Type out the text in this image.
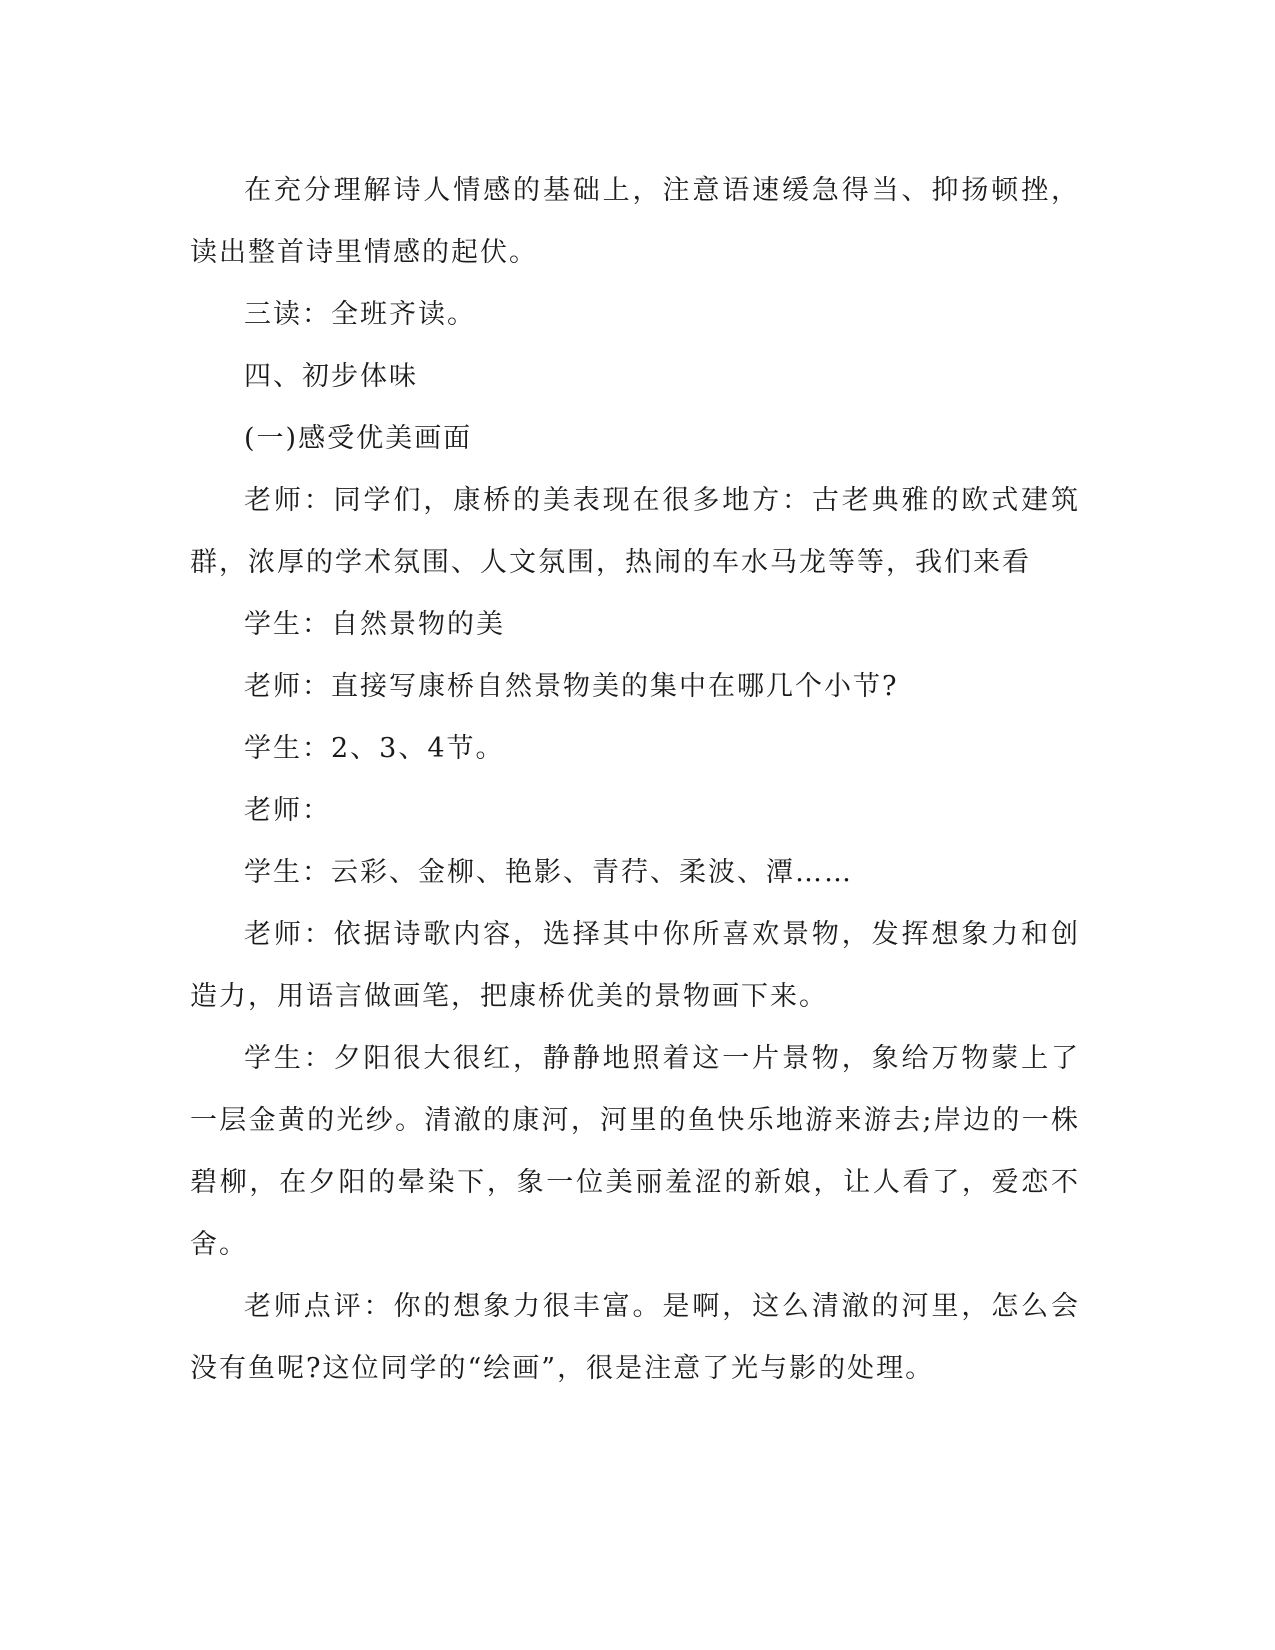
在充分理解诗人情感的基础上，注意语速缓急得当、抑扬顿挫，读出整首诗里情感的起伏。

三读：全班齐读。

四、初步体味

(一)感受优美画面

老师：同学们，康桥的美表现在很多地方：古老典雅的欧式建筑群，浓厚的学术氛围、人文氛围，热闹的车水马龙等等，我们来看

学生：自然景物的美

老师：直接写康桥自然景物美的集中在哪几个小节?

学生：2、3、4节。

老师：

学生：云彩、金柳、艳影、青荇、柔波、潭……

老师：依据诗歌内容，选择其中你所喜欢景物，发挥想象力和创造力，用语言做画笔，把康桥优美的景物画下来。

学生：夕阳很大很红，静静地照着这一片景物，象给万物蒙上了一层金黄的光纱。清澈的康河，河里的鱼快乐地游来游去;岸边的一株碧柳，在夕阳的晕染下，象一位美丽羞涩的新娘，让人看了，爱恋不舍。

老师点评：你的想象力很丰富。是啊，这么清澈的河里，怎么会没有鱼呢?这位同学的“绘画”，很是注意了光与影的处理。
